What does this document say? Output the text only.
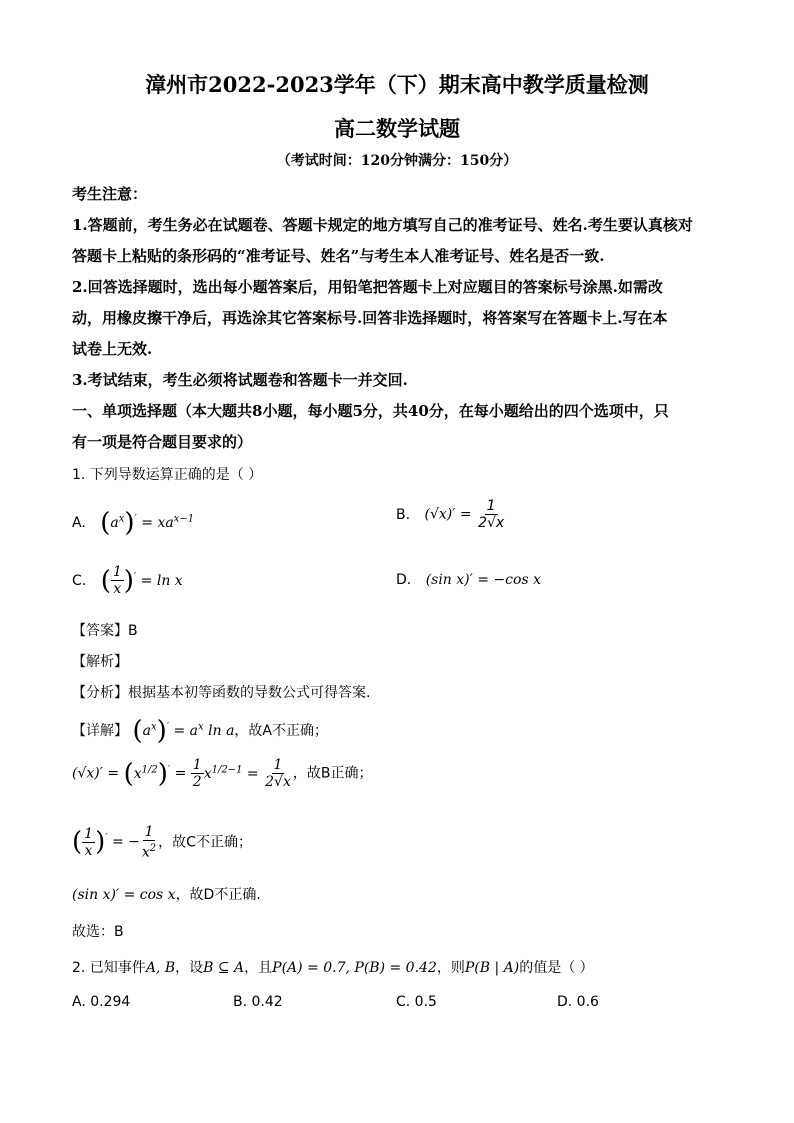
漳州市2022-2023学年（下）期末高中教学质量检测
高二数学试题
（考试时间：120分钟满分：150分）
考生注意：
1.答题前，考生务必在试题卷、答题卡规定的地方填写自己的准考证号、姓名.考生要认真核对
答题卡上粘贴的条形码的“准考证号、姓名”与考生本人准考证号、姓名是否一致.
2.回答选择题时，选出每小题答案后，用铅笔把答题卡上对应题目的答案标号涂黑.如需改
动，用橡皮擦干净后，再选涂其它答案标号.回答非选择题时，将答案写在答题卡上.写在本
试卷上无效.
3.考试结束，考生必须将试题卷和答题卡一并交回.
一、单项选择题（本大题共8小题，每小题5分，共40分，在每小题给出的四个选项中，只
有一项是符合题目要求的）
1. 下列导数运算正确的是（ ）
A. $(a^x)' = xa^{x-1}$	B. $(√x)' = \frac{1}{2√x}$
C. ( $\frac{1}{x} )' = \ln x$	D. (sin x)′ = −cos x
【答案】B
【解析】
【分析】根据基本初等函数的导数公式可得答案.
【详解】 $(a^x)' = a^x$ ln a，故A不正确；
$(√x)' = (x^{1/2})' = \frac{1}{2} x^{1/2-1} = \frac{1}{2√x}$ ，故B正确；
( $\frac{1}{x} )'$ = − $\frac{1}{x^2}$ ，故C不正确；
(sin x)′ = cos x，故D不正确.
故选：B
2. 已知事件A, B，设B ⊆ A，且P(A) = 0.7, P(B) = 0.42，则P(B | A)的值是（ ）
A. 0.294	B. 0.42	C. 0.5	D. 0.6
